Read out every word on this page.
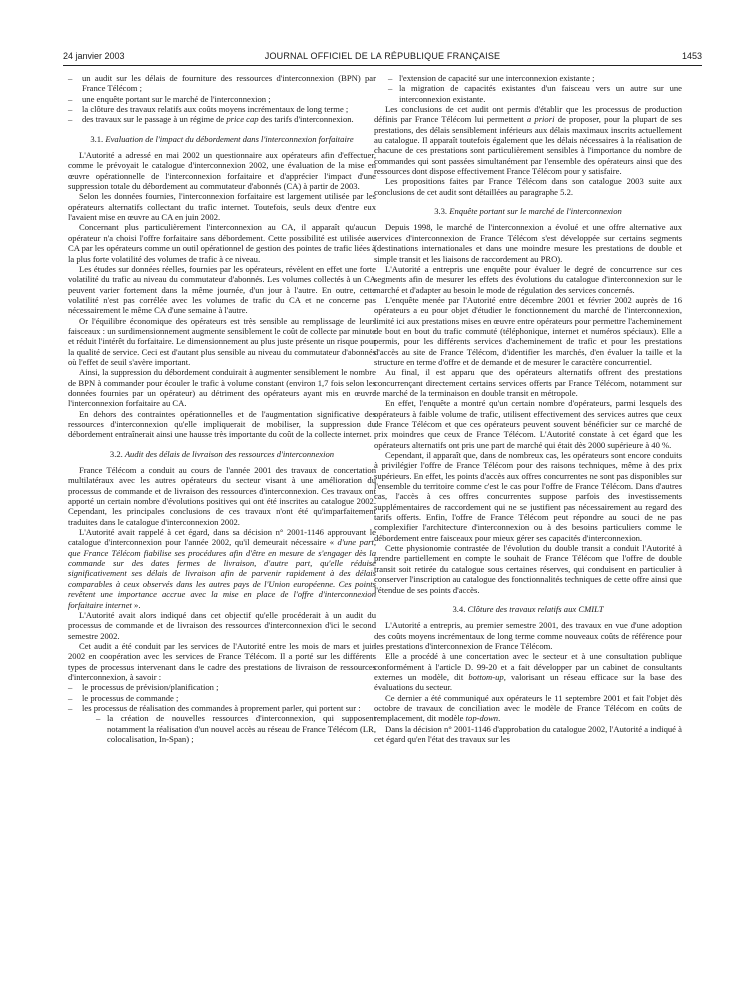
24 janvier 2003	JOURNAL OFFICIEL DE LA RÉPUBLIQUE FRANÇAISE	1453
– un audit sur les délais de fourniture des ressources d'interconnexion (BPN) par France Télécom ;
– une enquête portant sur le marché de l'interconnexion ;
– la clôture des travaux relatifs aux coûts moyens incrémentaux de long terme ;
– des travaux sur le passage à un régime de price cap des tarifs d'interconnexion.
3.1. Evaluation de l'impact du débordement dans l'interconnexion forfaitaire

L'Autorité a adressé en mai 2002 un questionnaire aux opérateurs afin d'effectuer, comme le prévoyait le catalogue d'interconnexion 2002, une évaluation de la mise en œuvre opérationnelle de l'interconnexion forfaitaire et d'apprécier l'impact d'une suppression totale du débordement au commutateur d'abonnés (CA) à partir de 2003.

Selon les données fournies, l'interconnexion forfaitaire est largement utilisée par les opérateurs alternatifs collectant du trafic internet. Toutefois, seuls deux d'entre eux l'avaient mise en œuvre au CA en juin 2002.

Concernant plus particulièrement l'interconnexion au CA, il apparaît qu'aucun opérateur n'a choisi l'offre forfaitaire sans débordement. Cette possibilité est utilisée au CA par les opérateurs comme un outil opérationnel de gestion des pointes de trafic liées à la plus forte volatilité des volumes de trafic à ce niveau.

Les études sur données réelles, fournies par les opérateurs, révèlent en effet une forte volatilité du trafic au niveau du commutateur d'abonnés. Les volumes collectés à un CA peuvent varier fortement dans la même journée, d'un jour à l'autre. En outre, cette volatilité n'est pas corrélée avec les volumes de trafic du CA et ne concerne pas nécessairement le même CA d'une semaine à l'autre.

Or l'équilibre économique des opérateurs est très sensible au remplissage de leurs faisceaux : un surdimensionnement augmente sensiblement le coût de collecte par minute et réduit l'intérêt du forfaitaire. Le dimensionnement au plus juste présente un risque pour la qualité de service. Ceci est d'autant plus sensible au niveau du commutateur d'abonnés où l'effet de seuil s'avère important.

Ainsi, la suppression du débordement conduirait à augmenter sensiblement le nombre de BPN à commander pour écouler le trafic à volume constant (environ 1,7 fois selon les données fournies par un opérateur) au détriment des opérateurs ayant mis en œuvre l'interconnexion forfaitaire au CA.

En dehors des contraintes opérationnelles et de l'augmentation significative des ressources d'interconnexion qu'elle impliquerait de mobiliser, la suppression du débordement entraînerait ainsi une hausse très importante du coût de la collecte internet.

3.2. Audit des délais de livraison des ressources d'interconnexion

France Télécom a conduit au cours de l'année 2001 des travaux de concertation multilatéraux avec les autres opérateurs du secteur visant à une amélioration du processus de commande et de livraison des ressources d'interconnexion. Ces travaux ont apporté un certain nombre d'évolutions positives qui ont été inscrites au catalogue 2002. Cependant, les principales conclusions de ces travaux n'ont été qu'imparfaitement traduites dans le catalogue d'interconnexion 2002.

L'Autorité avait rappelé à cet égard, dans sa décision n° 2001-1146 approuvant le catalogue d'interconnexion pour l'année 2002, qu'il demeurait nécessaire « d'une part, que France Télécom fiabilise ses procédures afin d'être en mesure de s'engager dès la commande sur des dates fermes de livraison, d'autre part, qu'elle réduise significativement ses délais de livraison afin de parvenir rapidement à des délais comparables à ceux observés dans les autres pays de l'Union européenne. Ces points revêtent une importance accrue avec la mise en place de l'offre d'interconnexion forfaitaire internet ».

L'Autorité avait alors indiqué dans cet objectif qu'elle procéderait à un audit du processus de commande et de livraison des ressources d'interconnexion d'ici le second semestre 2002.

Cet audit a été conduit par les services de l'Autorité entre les mois de mars et juin 2002 en coopération avec les services de France Télécom. Il a porté sur les différents types de processus intervenant dans le cadre des prestations de livraison de ressources d'interconnexion, à savoir :

– le processus de prévision/planification ;
– le processus de commande ;
– les processus de réalisation des commandes à proprement parler, qui portent sur :
– la création de nouvelles ressources d'interconnexion, qui supposent notamment la réalisation d'un nouvel accès au réseau de France Télécom (LR, colocalisation, In-Span) ;
– l'extension de capacité sur une interconnexion existante ;
– la migration de capacités existantes d'un faisceau vers un autre sur une interconnexion existante.

Les conclusions de cet audit ont permis d'établir que les processus de production définis par France Télécom lui permettent a priori de proposer, pour la plupart de ses prestations, des délais sensiblement inférieurs aux délais maximaux inscrits actuellement au catalogue. Il apparaît toutefois également que les délais nécessaires à la réalisation de chacune de ces prestations sont particulièrement sensibles à l'importance du nombre de commandes qui sont passées simultanément par l'ensemble des opérateurs ainsi que des ressources dont dispose effectivement France Télécom pour y satisfaire.

Les propositions faites par France Télécom dans son catalogue 2003 suite aux conclusions de cet audit sont détaillées au paragraphe 5.2.

3.3. Enquête portant sur le marché de l'interconnexion

Depuis 1998, le marché de l'interconnexion a évolué et une offre alternative aux services d'interconnexion de France Télécom s'est développée sur certains segments (destinations internationales et dans une moindre mesure les prestations de double et simple transit et les liaisons de raccordement au PRO).

L'Autorité a entrepris une enquête pour évaluer le degré de concurrence sur ces segments afin de mesurer les effets des évolutions du catalogue d'interconnexion sur le marché et d'adapter au besoin le mode de régulation des services concernés.

L'enquête menée par l'Autorité entre décembre 2001 et février 2002 auprès de 16 opérateurs a eu pour objet d'étudier le fonctionnement du marché de l'interconnexion, limité ici aux prestations mises en œuvre entre opérateurs pour permettre l'acheminement de bout en bout du trafic commuté (téléphonique, internet et numéros spéciaux). Elle a permis, pour les différents services d'acheminement de trafic et pour les prestations d'accès au site de France Télécom, d'identifier les marchés, d'en évaluer la taille et la structure en terme d'offre et de demande et de mesurer le caractère concurrentiel.

Au final, il est apparu que des opérateurs alternatifs offrent des prestations concurrençant directement certains services offerts par France Télécom, notamment sur le marché de la terminaison en double transit en métropole.

En effet, l'enquête a montré qu'un certain nombre d'opérateurs, parmi lesquels des opérateurs à faible volume de trafic, utilisent effectivement des services autres que ceux de France Télécom et que ces opérateurs peuvent souvent bénéficier sur ce marché de prix moindres que ceux de France Télécom. L'Autorité constate à cet égard que les opérateurs alternatifs ont pris une part de marché qui était dès 2000 supérieure à 40 %.

Cependant, il apparaît que, dans de nombreux cas, les opérateurs sont encore conduits à privilégier l'offre de France Télécom pour des raisons techniques, même à des prix supérieurs. En effet, les points d'accès aux offres concurrentes ne sont pas disponibles sur l'ensemble du territoire comme c'est le cas pour l'offre de France Télécom. Dans d'autres cas, l'accès à ces offres concurrentes suppose parfois des investissements supplémentaires de raccordement qui ne se justifient pas nécessairement au regard des tarifs offerts. Enfin, l'offre de France Télécom peut répondre au souci de ne pas complexifier l'architecture d'interconnexion ou à des besoins particuliers comme le débordement entre faisceaux pour mieux gérer ses capacités d'interconnexion.

Cette physionomie contrastée de l'évolution du double transit a conduit l'Autorité à prendre partiellement en compte le souhait de France Télécom que l'offre de double transit soit retirée du catalogue sous certaines réserves, qui conduisent en particulier à conserver l'inscription au catalogue des fonctionnalités techniques de cette offre ainsi que l'étendue de ses points d'accès.

3.4. Clôture des travaux relatifs aux CMILT

L'Autorité a entrepris, au premier semestre 2001, des travaux en vue d'une adoption des coûts moyens incrémentaux de long terme comme nouveaux coûts de référence pour les prestations d'interconnexion de France Télécom.

Elle a procédé à une concertation avec le secteur et à une consultation publique conformément à l'article D. 99-20 et a fait développer par un cabinet de consultants externes un modèle, dit bottom-up, valorisant un réseau efficace sur la base des évaluations du secteur.

Ce dernier a été communiqué aux opérateurs le 11 septembre 2001 et fait l'objet dès octobre de travaux de conciliation avec le modèle de France Télécom en coûts de remplacement, dit modèle top-down.

Dans la décision n° 2001-1146 d'approbation du catalogue 2002, l'Autorité a indiqué à cet égard qu'en l'état des travaux sur les
